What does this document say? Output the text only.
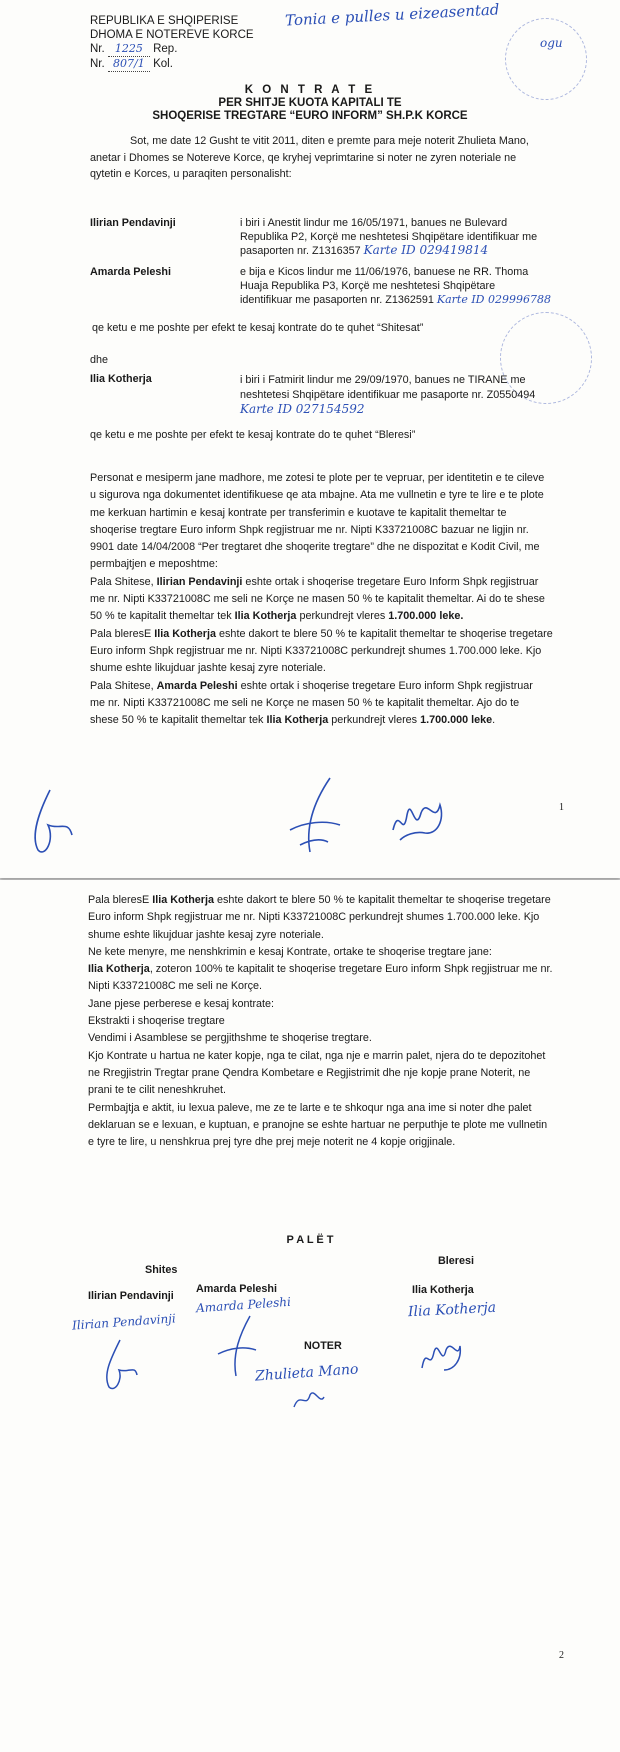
REPUBLIKA E SHQIPERISE
DHOMA E NOTEREVE KORCE
Nr. 1225 Rep.
Nr. 807/1 Kol.
Tonia e pulles u eizeasentad
ogu
K O N T R A T E
PER SHITJE KUOTA KAPITALI TE
SHOQERISE TREGTARE “EURO INFORM” SH.P.K KORCE
Sot, me date 12 Gusht te vitit 2011, diten e premte para meje noterit Zhulieta Mano,
anetar i Dhomes se Notereve Korce, qe kryhej veprimtarine si noter ne zyren noteriale ne
qytetin e Korces, u paraqiten personalisht:
Ilirian Pendavinji	i biri i Anestit lindur me 16/05/1971, banues ne Bulevard
Republika P2, Korçë me neshtetesi Shqipëtare identifikuar me
pasaporten nr. Z1316357 Karte ID 029419814
Amarda Peleshi	e bija e Kicos lindur me 11/06/1976, banuese ne RR. Thoma
Huaja Republika P3, Korçë me neshtetesi Shqipëtare
identifikuar me pasaporten nr. Z1362591 Karte ID 029996788
qe ketu e me poshte per efekt te kesaj kontrate do te quhet “Shitesat”
dhe
Ilia Kotherja	i biri i Fatmirit lindur me 29/09/1970, banues ne TIRANE me
neshtetesi Shqipëtare identifikuar me pasaporte nr. Z0550494
Karte ID 027154592
qe ketu e me poshte per efekt te kesaj kontrate do te quhet “Bleresi”
Personat e mesiperm jane madhore, me zotesi te plote per te vepruar, per identitetin e te cileve
u sigurova nga dokumentet identifikuese qe ata mbajne. Ata me vullnetin e tyre te lire e te plote
me kerkuan hartimin e kesaj kontrate per transferimin e kuotave te kapitalit themeltar te
shoqerise tregtare Euro inform Shpk regjistruar me nr. Nipti K33721008C bazuar ne ligjin nr.
9901 date 14/04/2008 “Per tregtaret dhe shoqerite tregtare” dhe ne dispozitat e Kodit Civil, me
permbajtjen e meposhtme:
Pala Shitese, Ilirian Pendavinji eshte ortak i shoqerise tregetare Euro Inform Shpk regjistruar
me nr. Nipti K33721008C me seli ne Korçe ne masen 50 % te kapitalit themeltar. Ai do te shese
50 % te kapitalit themeltar tek Ilia Kotherja perkundrejt vleres 1.700.000 leke.
Pala bleresE Ilia Kotherja eshte dakort te blere 50 % te kapitalit themeltar te shoqerise tregetare
Euro inform Shpk regjistruar me nr. Nipti K33721008C perkundrejt shumes 1.700.000 leke. Kjo
shume eshte likujduar jashte kesaj zyre noteriale.
Pala Shitese, Amarda Peleshi eshte ortak i shoqerise tregetare Euro inform Shpk regjistruar
me nr. Nipti K33721008C me seli ne Korçe ne masen 50 % te kapitalit themeltar. Ajo do te
shese 50 % te kapitalit themeltar tek Ilia Kotherja perkundrejt vleres 1.700.000 leke.
1
Pala bleresE Ilia Kotherja eshte dakort te blere 50 % te kapitalit themeltar te shoqerise tregetare
Euro inform Shpk regjistruar me nr. Nipti K33721008C perkundrejt shumes 1.700.000 leke. Kjo
shume eshte likujduar jashte kesaj zyre noteriale.
Ne kete menyre, me nenshkrimin e kesaj Kontrate, ortake te shoqerise tregtare jane:
Ilia Kotherja, zoteron 100% te kapitalit te shoqerise tregetare Euro inform Shpk regjistruar me nr.
Nipti K33721008C me seli ne Korçe.
Jane pjese perberese e kesaj kontrate:
Ekstrakti i shoqerise tregtare
Vendimi i Asamblese se pergjithshme te shoqerise tregtare.
Kjo Kontrate u hartua ne kater kopje, nga te cilat, nga nje e marrin palet, njera do te depozitohet
ne Rregjistrin Tregtar prane Qendra Kombetare e Regjistrimit dhe nje kopje prane Noterit, ne
prani te te cilit neneshkruhet.
Permbajtja e aktit, iu lexua paleve, me ze te larte e te shkoqur nga ana ime si noter dhe palet
deklaruan se e lexuan, e kuptuan, e pranojne se eshte hartuar ne perputhje te plote me vullnetin
e tyre te lire, u nenshkrua prej tyre dhe prej meje noterit ne 4 kopje origjinale.
P A L Ë T
Shites
Bleresi
Ilirian Pendavinji
Amarda Peleshi	Ilia Kotherja
Ilirian Pendavinji
Amarda Peleshi	Ilia Kotherja
NOTER
Zhulieta Mano
2
